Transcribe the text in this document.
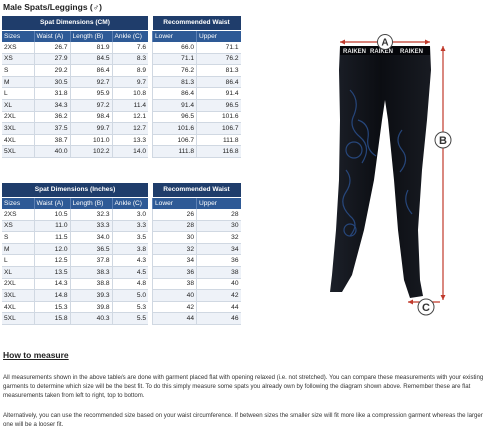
Male Spats/Leggings (♂)
Spat Dimensions (CM)					Recommended Waist	
Sizes	Waist (A)	Length (B)	Ankle (C)		Lower	Upper
2XS	26.7	81.9	7.6		66.0	71.1
XS	27.9	84.5	8.3		71.1	76.2
S	29.2	86.4	8.9		76.2	81.3
M	30.5	92.7	9.7		81.3	86.4
L	31.8	95.9	10.8		86.4	91.4
XL	34.3	97.2	11.4		91.4	96.5
2XL	36.2	98.4	12.1		96.5	101.6
3XL	37.5	99.7	12.7		101.6	106.7
4XL	38.7	101.0	13.3		106.7	111.8
5XL	40.0	102.2	14.0		111.8	116.8
Spat Dimensions (Inches)					Recommended Waist	
Sizes	Waist (A)	Length (B)	Ankle (C)		Lower	Upper
2XS	10.5	32.3	3.0		26	28
XS	11.0	33.3	3.3		28	30
S	11.5	34.0	3.5		30	32
M	12.0	36.5	3.8		32	34
L	12.5	37.8	4.3		34	36
XL	13.5	38.3	4.5		36	38
2XL	14.3	38.8	4.8		38	40
3XL	14.8	39.3	5.0		40	42
4XL	15.3	39.8	5.3		42	44
5XL	15.8	40.3	5.5		44	46
RAIKEN RAIKEN RAIKEN
A
B
C
How to measure
All measurements shown in the above table/s are done with garment placed flat with opening relaxed (i.e. not stretched). You can compare these measurements with your existing garments to determine which size will be the best fit. To do this simply measure some spats you already own by following the diagram shown above. Remember these are flat measurements taken from left to right, top to bottom.
Alternatively, you can use the recommended size based on your waist circumference. If between sizes the smaller size will fit more like a compression garment whereas the larger one will be a looser fit.
